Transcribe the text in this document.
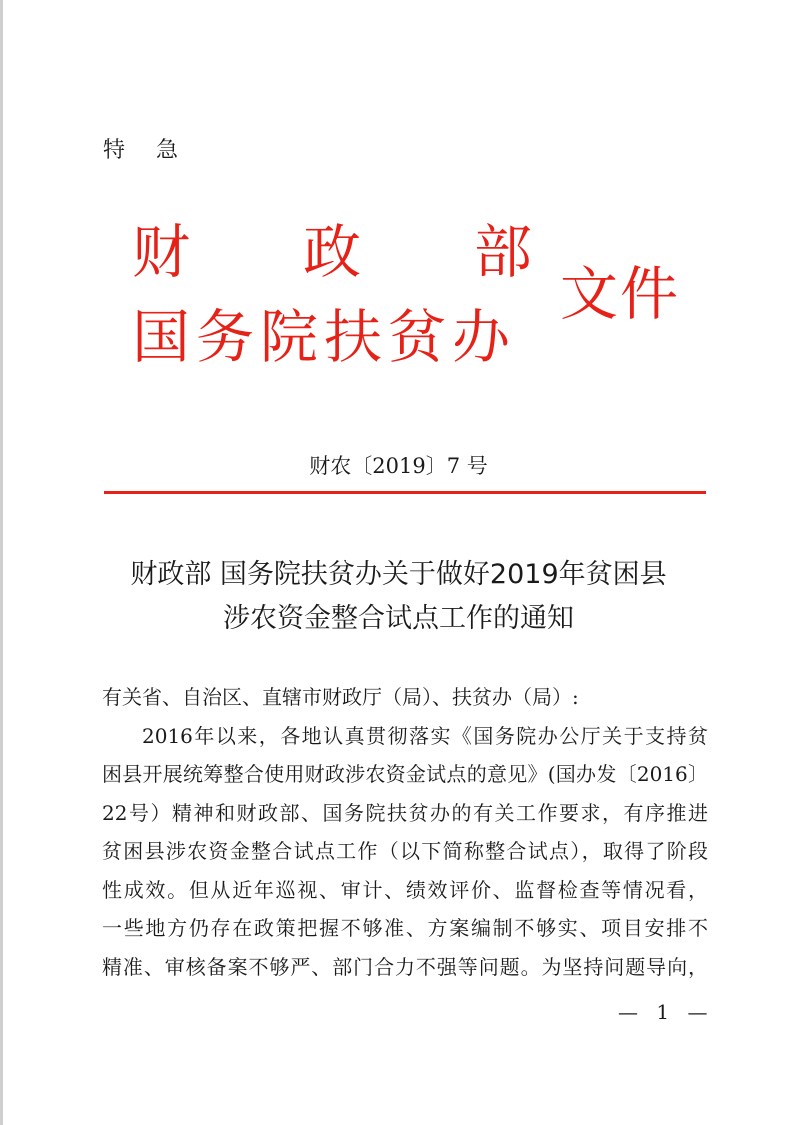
特 急
财 政 部
国务院扶贫办
文件
财农〔2019〕7 号
财政部 国务院扶贫办关于做好2019年贫困县
涉农资金整合试点工作的通知
有关省、自治区、直辖市财政厅（局）、扶贫办（局）:
2016年以来，各地认真贯彻落实《国务院办公厅关于支持贫
困县开展统筹整合使用财政涉农资金试点的意见》(国办发〔2016〕
22号）精神和财政部、国务院扶贫办的有关工作要求，有序推进
贫困县涉农资金整合试点工作（以下简称整合试点），取得了阶段
性成效。但从近年巡视、审计、绩效评价、监督检查等情况看，
一些地方仍存在政策把握不够准、方案编制不够实、项目安排不
精准、审核备案不够严、部门合力不强等问题。为坚持问题导向，
— 1 —
